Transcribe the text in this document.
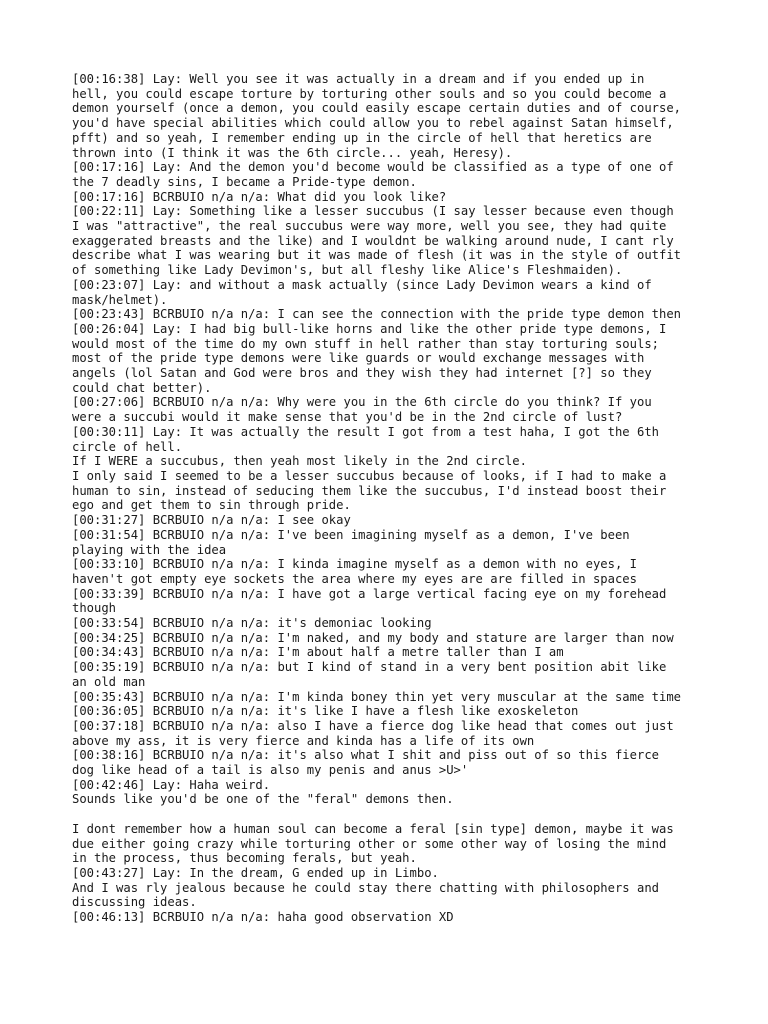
[00:16:38] Lay: Well you see it was actually in a dream and if you ended up in
hell, you could escape torture by torturing other souls and so you could become a
demon yourself (once a demon, you could easily escape certain duties and of course,
you'd have special abilities which could allow you to rebel against Satan himself,
pfft) and so yeah, I remember ending up in the circle of hell that heretics are
thrown into (I think it was the 6th circle... yeah, Heresy).
[00:17:16] Lay: And the demon you'd become would be classified as a type of one of
the 7 deadly sins, I became a Pride-type demon.
[00:17:16] BCRBUIO n/a n/a: What did you look like?
[00:22:11] Lay: Something like a lesser succubus (I say lesser because even though
I was "attractive", the real succubus were way more, well you see, they had quite
exaggerated breasts and the like) and I wouldnt be walking around nude, I cant rly
describe what I was wearing but it was made of flesh (it was in the style of outfit
of something like Lady Devimon's, but all fleshy like Alice's Fleshmaiden).
[00:23:07] Lay: and without a mask actually (since Lady Devimon wears a kind of
mask/helmet).
[00:23:43] BCRBUIO n/a n/a: I can see the connection with the pride type demon then
[00:26:04] Lay: I had big bull-like horns and like the other pride type demons, I
would most of the time do my own stuff in hell rather than stay torturing souls;
most of the pride type demons were like guards or would exchange messages with
angels (lol Satan and God were bros and they wish they had internet [?] so they
could chat better).
[00:27:06] BCRBUIO n/a n/a: Why were you in the 6th circle do you think? If you
were a succubi would it make sense that you'd be in the 2nd circle of lust?
[00:30:11] Lay: It was actually the result I got from a test haha, I got the 6th
circle of hell.
If I WERE a succubus, then yeah most likely in the 2nd circle.
I only said I seemed to be a lesser succubus because of looks, if I had to make a
human to sin, instead of seducing them like the succubus, I'd instead boost their
ego and get them to sin through pride.
[00:31:27] BCRBUIO n/a n/a: I see okay
[00:31:54] BCRBUIO n/a n/a: I've been imagining myself as a demon, I've been
playing with the idea
[00:33:10] BCRBUIO n/a n/a: I kinda imagine myself as a demon with no eyes, I
haven't got empty eye sockets the area where my eyes are are filled in spaces
[00:33:39] BCRBUIO n/a n/a: I have got a large vertical facing eye on my forehead
though
[00:33:54] BCRBUIO n/a n/a: it's demoniac looking
[00:34:25] BCRBUIO n/a n/a: I'm naked, and my body and stature are larger than now
[00:34:43] BCRBUIO n/a n/a: I'm about half a metre taller than I am
[00:35:19] BCRBUIO n/a n/a: but I kind of stand in a very bent position abit like
an old man
[00:35:43] BCRBUIO n/a n/a: I'm kinda boney thin yet very muscular at the same time
[00:36:05] BCRBUIO n/a n/a: it's like I have a flesh like exoskeleton
[00:37:18] BCRBUIO n/a n/a: also I have a fierce dog like head that comes out just
above my ass, it is very fierce and kinda has a life of its own
[00:38:16] BCRBUIO n/a n/a: it's also what I shit and piss out of so this fierce
dog like head of a tail is also my penis and anus >U>'
[00:42:46] Lay: Haha weird.
Sounds like you'd be one of the "feral" demons then.
I dont remember how a human soul can become a feral [sin type] demon, maybe it was
due either going crazy while torturing other or some other way of losing the mind
in the process, thus becoming ferals, but yeah.
[00:43:27] Lay: In the dream, G ended up in Limbo.
And I was rly jealous because he could stay there chatting with philosophers and
discussing ideas.
[00:46:13] BCRBUIO n/a n/a: haha good observation XD
